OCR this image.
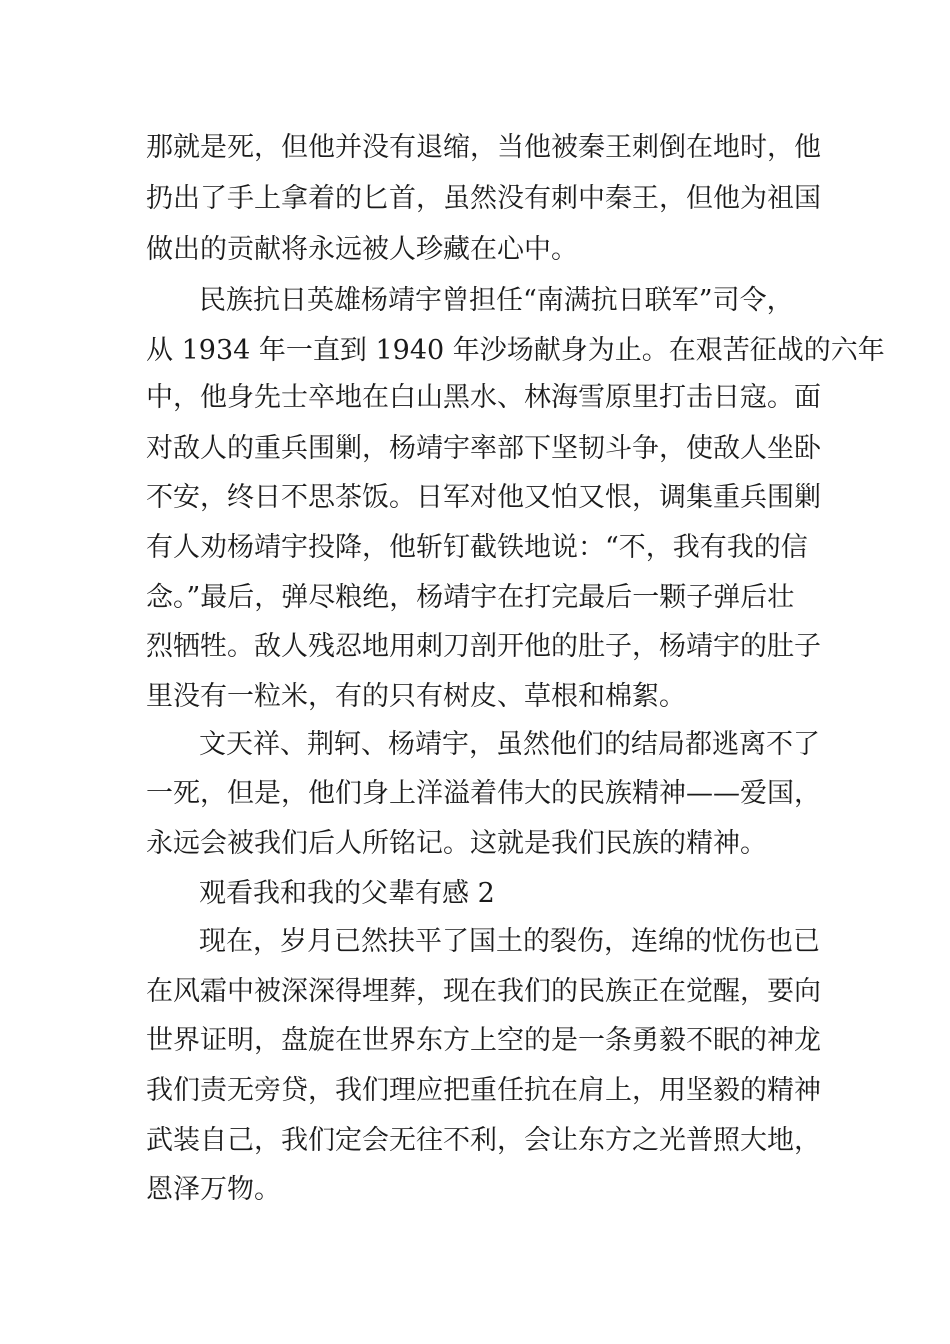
那就是死，但他并没有退缩，当他被秦王刺倒在地时，他

扔出了手上拿着的匕首，虽然没有刺中秦王，但他为祖国

做出的贡献将永远被人珍藏在心中。

民族抗日英雄杨靖宇曾担任“南满抗日联军”司令，

从 1934 年一直到 1940 年沙场献身为止。在艰苦征战的六年

中，他身先士卒地在白山黑水、林海雪原里打击日寇。面

对敌人的重兵围剿，杨靖宇率部下坚韧斗争，使敌人坐卧

不安，终日不思茶饭。日军对他又怕又恨，调集重兵围剿

有人劝杨靖宇投降，他斩钉截铁地说：“不，我有我的信

念。”最后，弹尽粮绝，杨靖宇在打完最后一颗子弹后壮

烈牺牲。敌人残忍地用刺刀剖开他的肚子，杨靖宇的肚子

里没有一粒米，有的只有树皮、草根和棉絮。

文天祥、荆轲、杨靖宇，虽然他们的结局都逃离不了

一死，但是，他们身上洋溢着伟大的民族精神——爱国，

永远会被我们后人所铭记。这就是我们民族的精神。

观看我和我的父辈有感 2

现在，岁月已然扶平了国土的裂伤，连绵的忧伤也已

在风霜中被深深得埋葬，现在我们的民族正在觉醒，要向

世界证明，盘旋在世界东方上空的是一条勇毅不眠的神龙

我们责无旁贷，我们理应把重任抗在肩上，用坚毅的精神

武装自己，我们定会无往不利，会让东方之光普照大地，

恩泽万物。
